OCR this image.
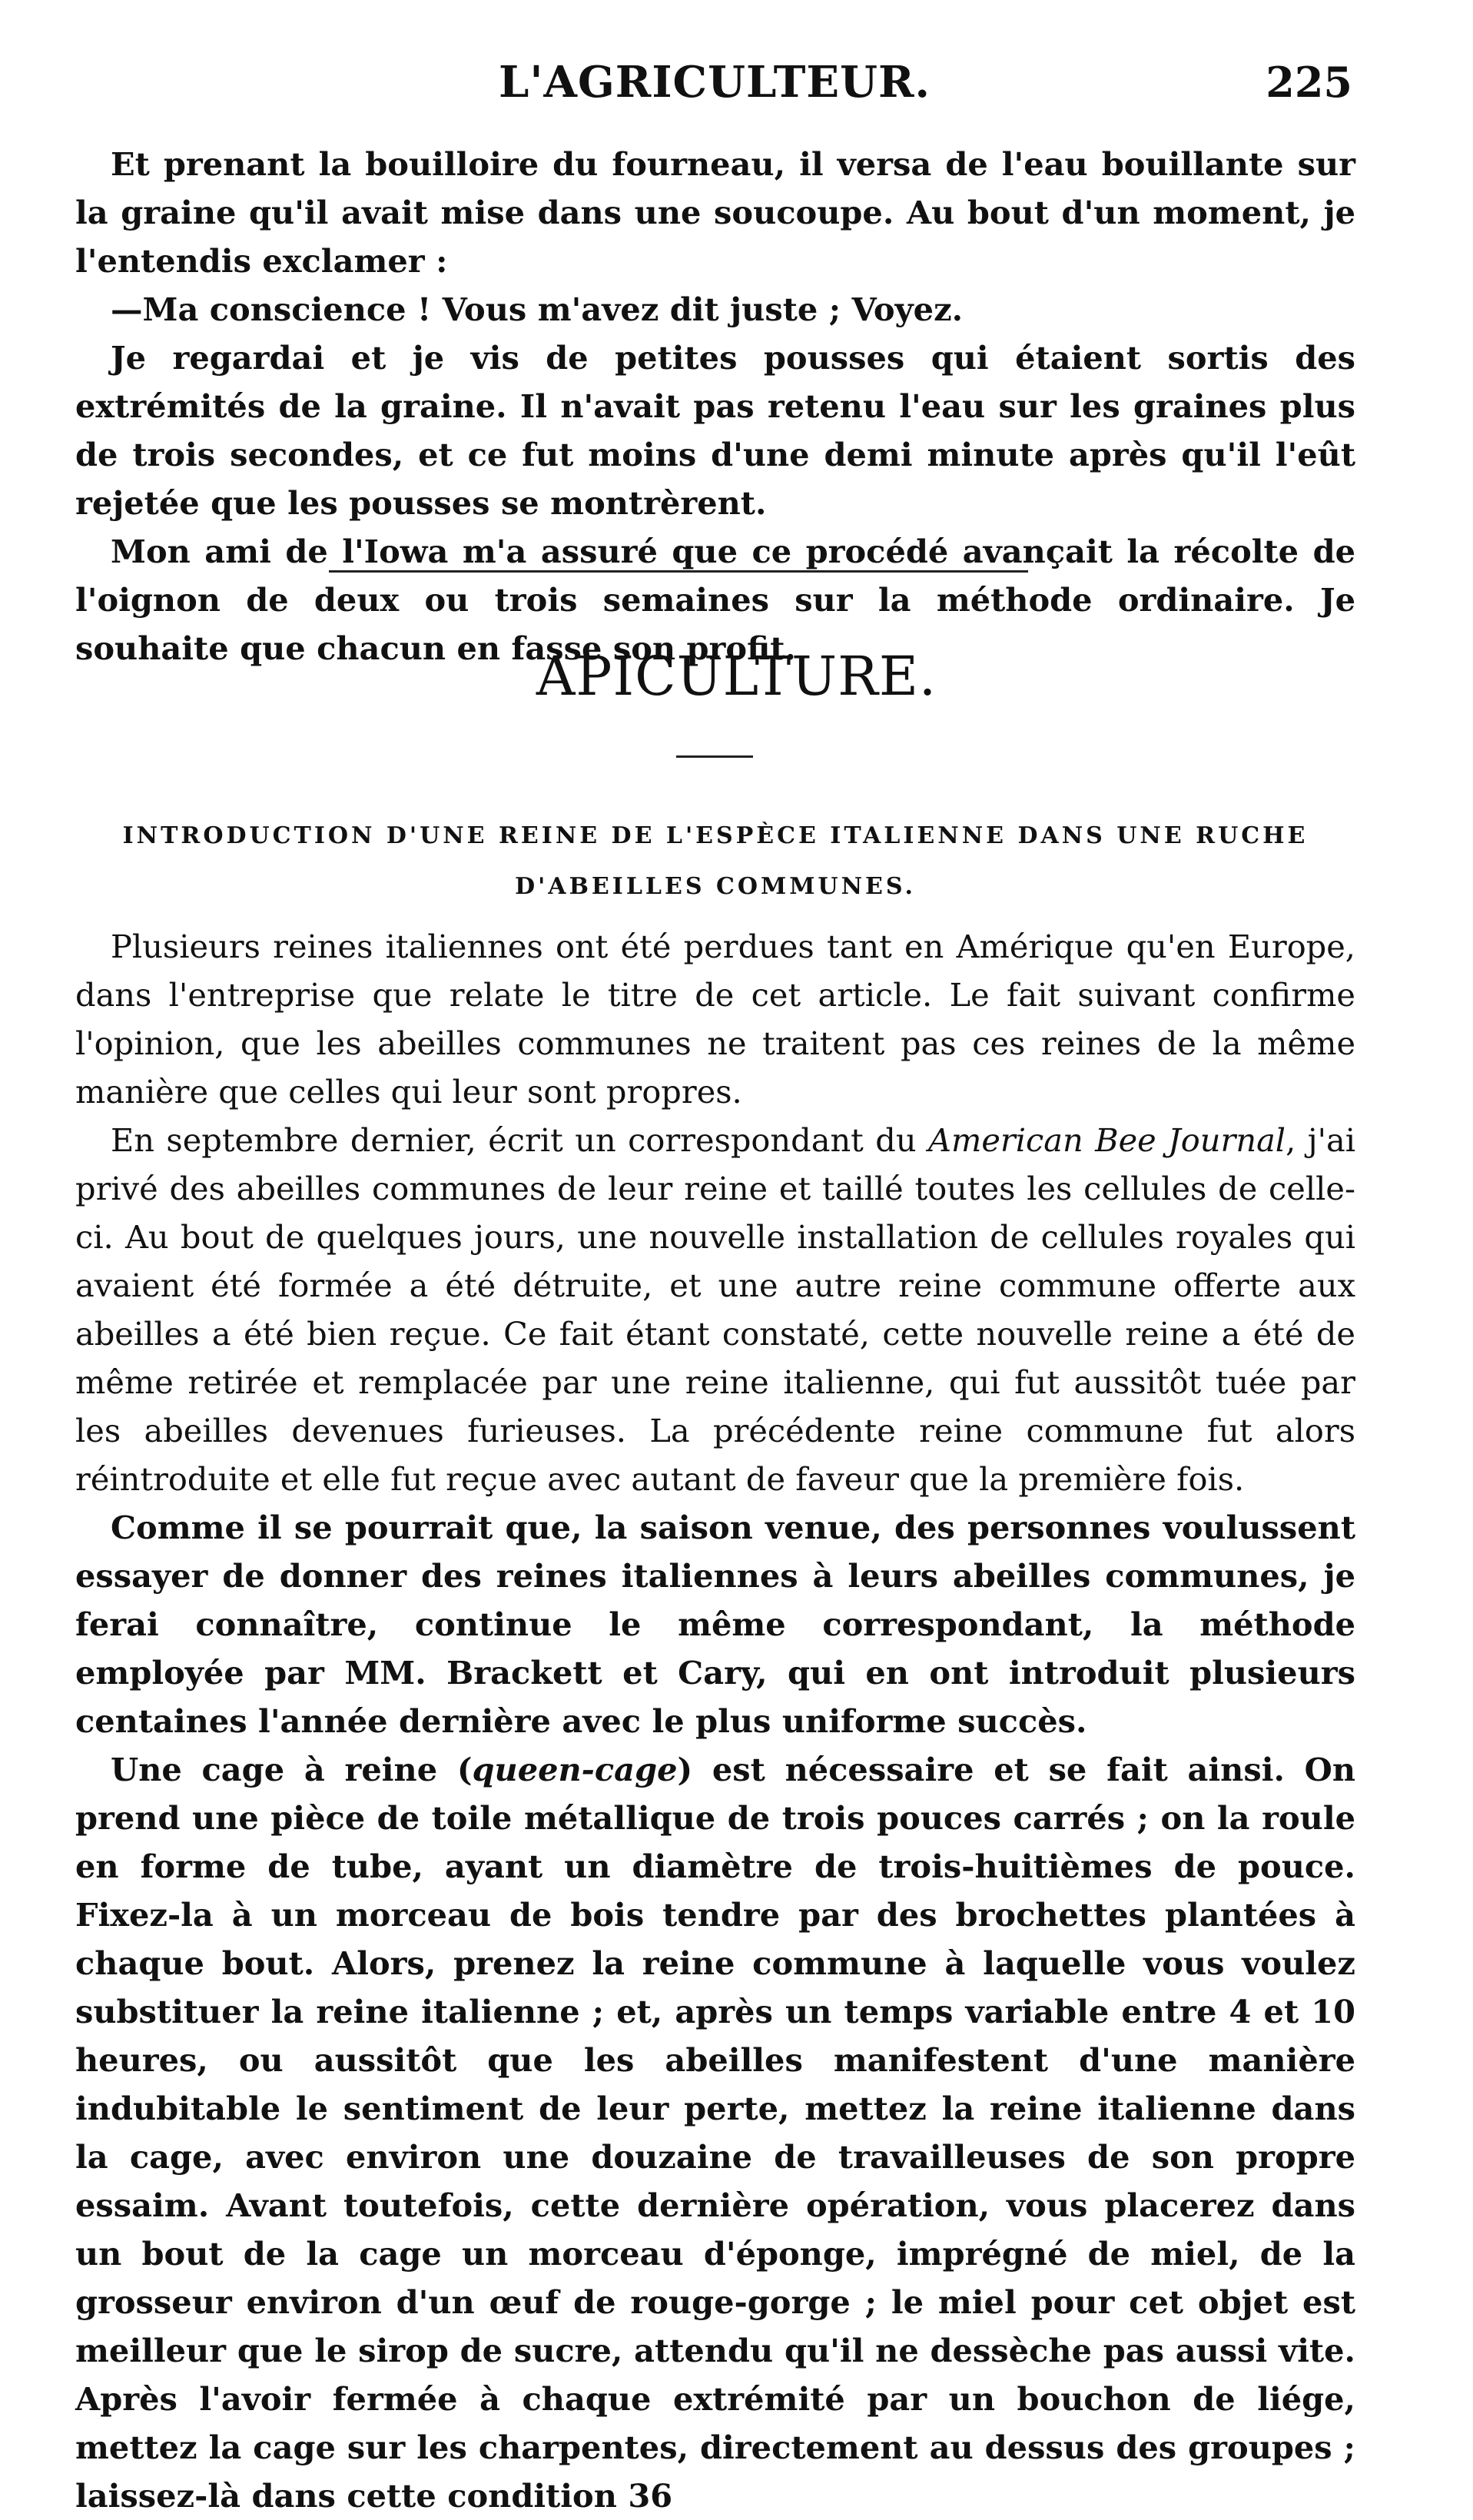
L'AGRICULTEUR.	225

Et prenant la bouilloire du fourneau, il versa de l'eau bouillante sur la graine qu'il avait mise dans une soucoupe. Au bout d'un moment, je l'entendis exclamer :

—Ma conscience ! Vous m'avez dit juste ; Voyez.

Je regardai et je vis de petites pousses qui étaient sortis des extrémités de la graine. Il n'avait pas retenu l'eau sur les graines plus de trois secondes, et ce fut moins d'une demi minute après qu'il l'eût rejetée que les pousses se montrèrent.

Mon ami de l'Iowa m'a assuré que ce procédé avançait la récolte de l'oignon de deux ou trois semaines sur la méthode ordinaire. Je souhaite que chacun en fasse son profit.

APICULTURE.
INTRODUCTION D'UNE REINE DE L'ESPÈCE ITALIENNE DANS UNE RUCHE
D'ABEILLES COMMUNES.

Plusieurs reines italiennes ont été perdues tant en Amérique qu'en Europe, dans l'entreprise que relate le titre de cet article. Le fait suivant confirme l'opinion, que les abeilles communes ne traitent pas ces reines de la même manière que celles qui leur sont propres.

En septembre dernier, écrit un correspondant du American Bee Journal, j'ai privé des abeilles communes de leur reine et taillé toutes les cellules de celle-ci. Au bout de quelques jours, une nouvelle installation de cellules royales qui avaient été formée a été détruite, et une autre reine commune offerte aux abeilles a été bien reçue. Ce fait étant constaté, cette nouvelle reine a été de même retirée et remplacée par une reine italienne, qui fut aussitôt tuée par les abeilles devenues furieuses. La précédente reine commune fut alors réintroduite et elle fut reçue avec autant de faveur que la première fois.

Comme il se pourrait que, la saison venue, des personnes voulussent essayer de donner des reines italiennes à leurs abeilles communes, je ferai connaître, continue le même correspondant, la méthode employée par MM. Brackett et Cary, qui en ont introduit plusieurs centaines l'année dernière avec le plus uniforme succès.

Une cage à reine (queen-cage) est nécessaire et se fait ainsi. On prend une pièce de toile métallique de trois pouces carrés ; on la roule en forme de tube, ayant un diamètre de trois-huitièmes de pouce. Fixez-la à un morceau de bois tendre par des brochettes plantées à chaque bout. Alors, prenez la reine commune à laquelle vous voulez substituer la reine italienne ; et, après un temps variable entre 4 et 10 heures, ou aussitôt que les abeilles manifestent d'une manière indubitable le sentiment de leur perte, mettez la reine italienne dans la cage, avec environ une douzaine de travailleuses de son propre essaim. Avant toutefois, cette dernière opération, vous placerez dans un bout de la cage un morceau d'éponge, imprégné de miel, de la grosseur environ d'un œuf de rouge-gorge ; le miel pour cet objet est meilleur que le sirop de sucre, attendu qu'il ne dessèche pas aussi vite. Après l'avoir fermée à chaque extrémité par un bouchon de liége, mettez la cage sur les charpentes, directement au dessus des groupes ; laissez-là dans cette condition 36
